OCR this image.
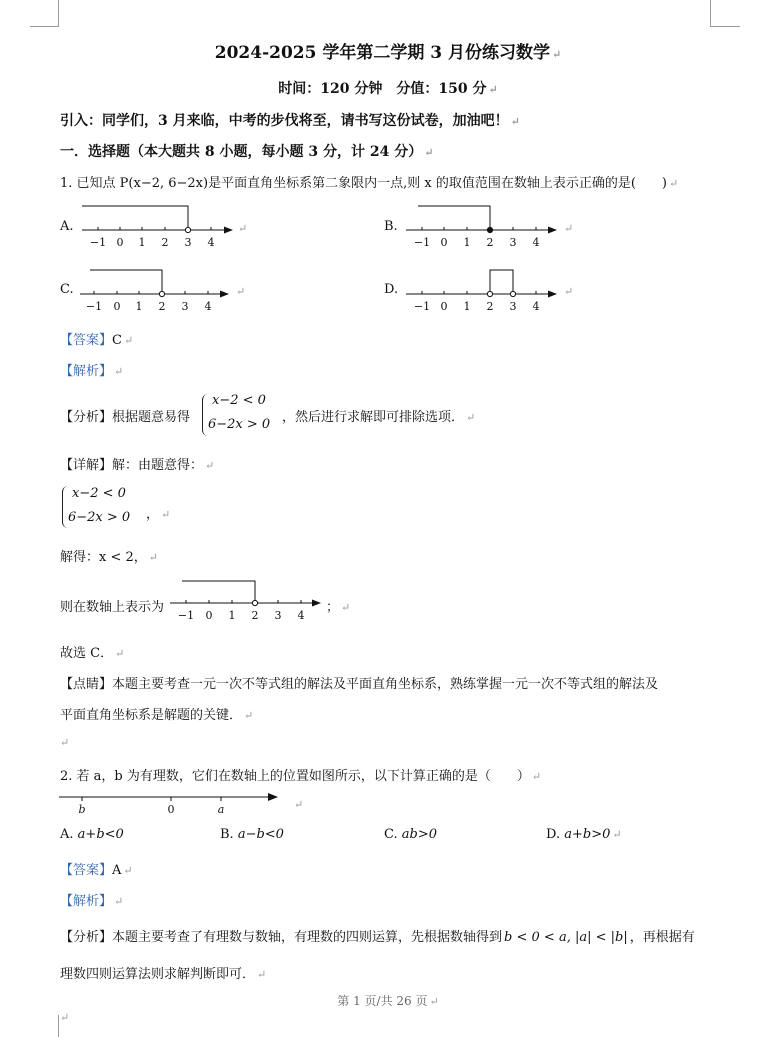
2024-2025 学年第二学期 3 月份练习数学 ↵
时间：120 分钟　分值：150 分 ↵
引入：同学们，3 月来临，中考的步伐将至，请书写这份试卷，加油吧！ ↵
一．选择题（本大题共 8 小题，每小题 3 分，计 24 分） ↵
1. 已知点 P(x−2, 6−2x)是平面直角坐标系第二象限内一点,则 x 的取值范围在数轴上表示正确的是(　　) ↵
A.	B.
C.	D.
−1 0 1 2 3 4
↵
−1 0 1 2 3 4
↵
−1 0 1 2 3 4
↵
−1 0 1 2 3 4
↵
【答案】C ↵
【解析】 ↵
【分析】根据题意易得
x−2 < 0
6−2x > 0 ，然后进行求解即可排除选项． ↵
【详解】解：由题意得： ↵
x−2 < 0
6−2x > 0 ， ↵
解得：x < 2， ↵
则在数轴上表示为
−1 0 1 2 3 4
； ↵
故选 C． ↵
【点睛】本题主要考查一元一次不等式组的解法及平面直角坐标系，熟练掌握一元一次不等式组的解法及
平面直角坐标系是解题的关键． ↵
↵
2. 若 a，b 为有理数，它们在数轴上的位置如图所示，以下计算正确的是（　　） ↵
b	0	a	↵
A. a+b<0	B. a−b<0	C. ab>0	D. a+b>0 ↵
【答案】A ↵
【解析】 ↵
【分析】本题主要考查了有理数与数轴，有理数的四则运算，先根据数轴得到 b < 0 < a, |a| < |b| ，再根据有
理数四则运算法则求解判断即可． ↵
第 1 页/共 26 页 ↵
↵
